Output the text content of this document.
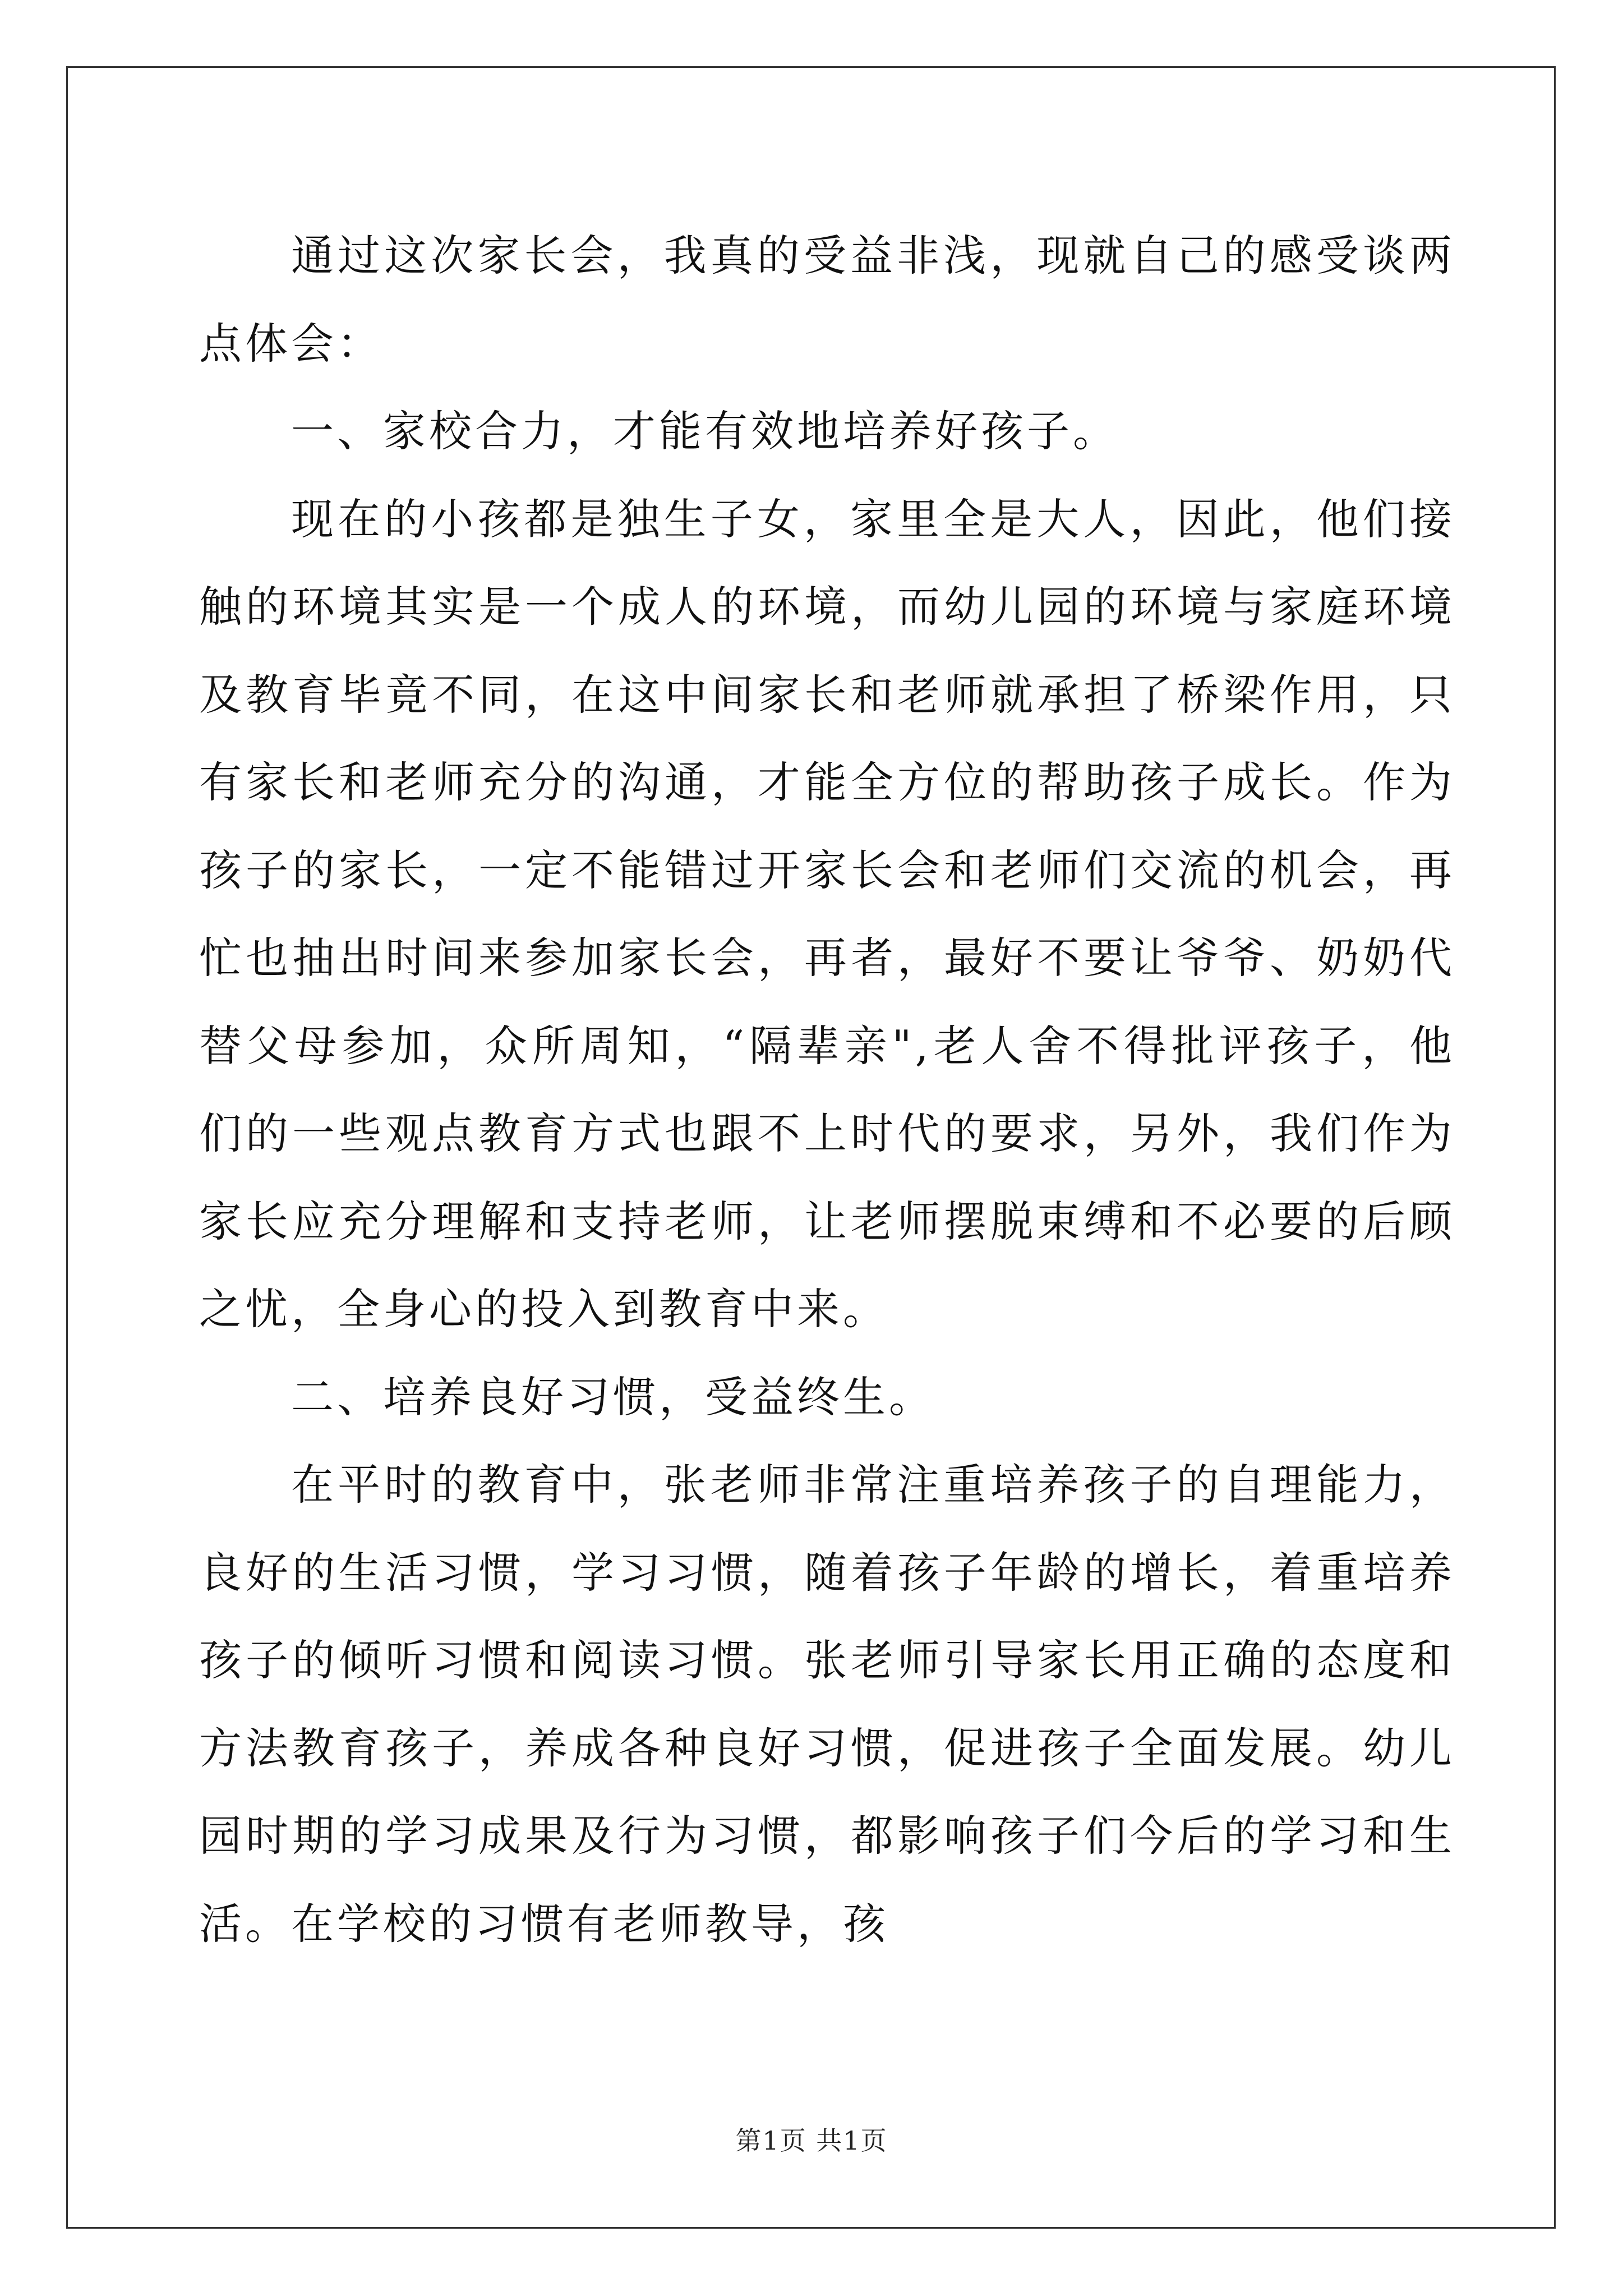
通过这次家长会，我真的受益非浅，现就自己的感受谈两点体会：

一、家校合力，才能有效地培养好孩子。

现在的小孩都是独生子女，家里全是大人，因此，他们接触的环境其实是一个成人的环境，而幼儿园的环境与家庭环境及教育毕竟不同，在这中间家长和老师就承担了桥梁作用，只有家长和老师充分的沟通，才能全方位的帮助孩子成长。作为孩子的家长，一定不能错过开家长会和老师们交流的机会，再忙也抽出时间来参加家长会，再者，最好不要让爷爷、奶奶代替父母参加，众所周知，“隔辈亲",老人舍不得批评孩子，他们的一些观点教育方式也跟不上时代的要求，另外，我们作为家长应充分理解和支持老师，让老师摆脱束缚和不必要的后顾之忧，全身心的投入到教育中来。

二、培养良好习惯，受益终生。

在平时的教育中，张老师非常注重培养孩子的自理能力，良好的生活习惯，学习习惯，随着孩子年龄的增长，着重培养孩子的倾听习惯和阅读习惯。张老师引导家长用正确的态度和方法教育孩子，养成各种良好习惯，促进孩子全面发展。幼儿园时期的学习成果及行为习惯，都影响孩子们今后的学习和生活。在学校的习惯有老师教导，孩

第1页 共1页
